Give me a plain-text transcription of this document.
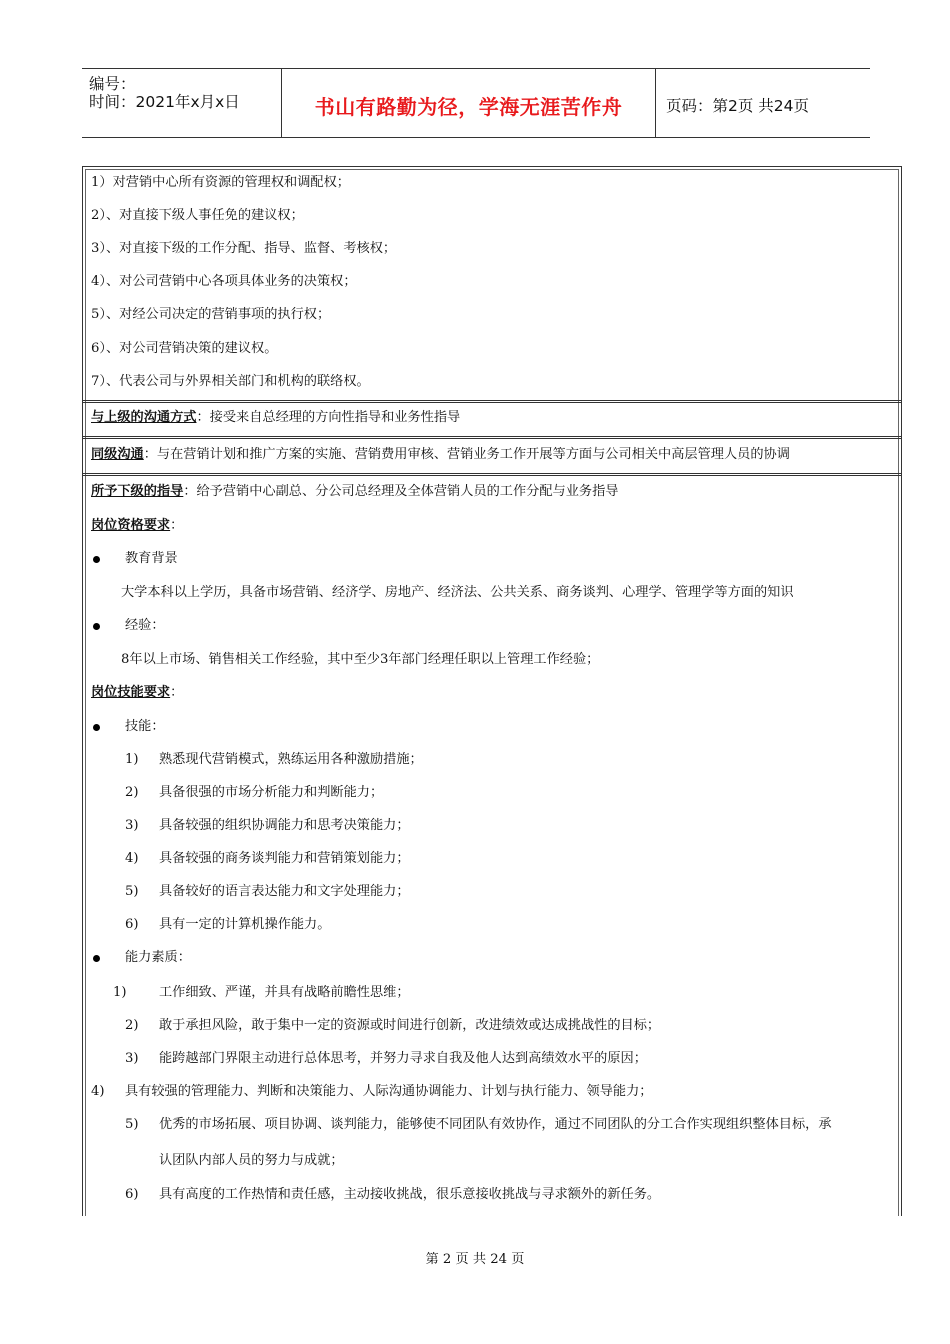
编号：
时间：2021年x月x日	书山有路勤为径，学海无涯苦作舟	页码：第2页 共24页
1）对营销中心所有资源的管理权和调配权；
2）、对直接下级人事任免的建议权；
3）、对直接下级的工作分配、指导、监督、考核权；
4）、对公司营销中心各项具体业务的决策权；
5）、对经公司决定的营销事项的执行权；
6）、对公司营销决策的建议权。
7）、代表公司与外界相关部门和机构的联络权。
与上级的沟通方式：接受来自总经理的方向性指导和业务性指导
同级沟通：与在营销计划和推广方案的实施、营销费用审核、营销业务工作开展等方面与公司相关中高层管理人员的协调
所予下级的指导：给予营销中心副总、分公司总经理及全体营销人员的工作分配与业务指导
岗位资格要求：
教育背景
大学本科以上学历，具备市场营销、经济学、房地产、经济法、公共关系、商务谈判、心理学、管理学等方面的知识
经验：
8年以上市场、销售相关工作经验，其中至少3年部门经理任职以上管理工作经验；
岗位技能要求：
技能：
1) 熟悉现代营销模式，熟练运用各种激励措施；
2) 具备很强的市场分析能力和判断能力；
3) 具备较强的组织协调能力和思考决策能力；
4) 具备较强的商务谈判能力和营销策划能力；
5) 具备较好的语言表达能力和文字处理能力；
6) 具有一定的计算机操作能力。
能力素质：
1) 工作细致、严谨，并具有战略前瞻性思维；
2) 敢于承担风险，敢于集中一定的资源或时间进行创新，改进绩效或达成挑战性的目标；
3) 能跨越部门界限主动进行总体思考，并努力寻求自我及他人达到高绩效水平的原因；
4) 具有较强的管理能力、判断和决策能力、人际沟通协调能力、计划与执行能力、领导能力；
5) 优秀的市场拓展、项目协调、谈判能力，能够使不同团队有效协作，通过不同团队的分工合作实现组织整体目标，承
认团队内部人员的努力与成就；
6) 具有高度的工作热情和责任感，主动接收挑战，很乐意接收挑战与寻求额外的新任务。
第 2 页 共 24 页
